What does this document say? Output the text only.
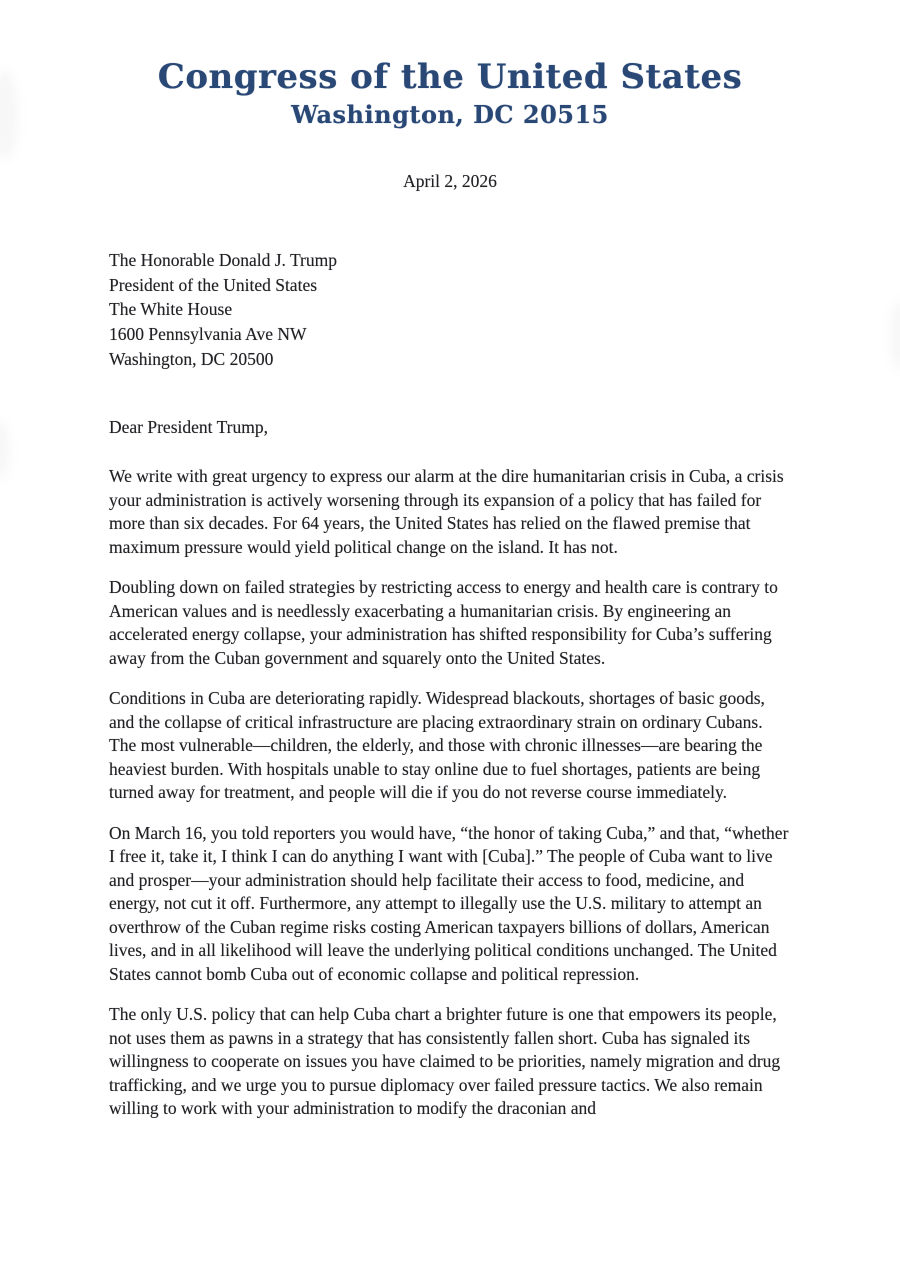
Congress of the United States
Washington, DC 20515
April 2, 2026
The Honorable Donald J. Trump
President of the United States
The White House
1600 Pennsylvania Ave NW
Washington, DC 20500

Dear President Trump,

We write with great urgency to express our alarm at the dire humanitarian crisis in Cuba, a crisis your administration is actively worsening through its expansion of a policy that has failed for more than six decades. For 64 years, the United States has relied on the flawed premise that maximum pressure would yield political change on the island. It has not.

Doubling down on failed strategies by restricting access to energy and health care is contrary to American values and is needlessly exacerbating a humanitarian crisis. By engineering an accelerated energy collapse, your administration has shifted responsibility for Cuba’s suffering away from the Cuban government and squarely onto the United States.

Conditions in Cuba are deteriorating rapidly. Widespread blackouts, shortages of basic goods, and the collapse of critical infrastructure are placing extraordinary strain on ordinary Cubans. The most vulnerable—children, the elderly, and those with chronic illnesses—are bearing the heaviest burden. With hospitals unable to stay online due to fuel shortages, patients are being turned away for treatment, and people will die if you do not reverse course immediately.

On March 16, you told reporters you would have, “the honor of taking Cuba,” and that, “whether I free it, take it, I think I can do anything I want with [Cuba].” The people of Cuba want to live and prosper—your administration should help facilitate their access to food, medicine, and energy, not cut it off. Furthermore, any attempt to illegally use the U.S. military to attempt an overthrow of the Cuban regime risks costing American taxpayers billions of dollars, American lives, and in all likelihood will leave the underlying political conditions unchanged. The United States cannot bomb Cuba out of economic collapse and political repression.

The only U.S. policy that can help Cuba chart a brighter future is one that empowers its people, not uses them as pawns in a strategy that has consistently fallen short. Cuba has signaled its willingness to cooperate on issues you have claimed to be priorities, namely migration and drug trafficking, and we urge you to pursue diplomacy over failed pressure tactics. We also remain willing to work with your administration to modify the draconian and
